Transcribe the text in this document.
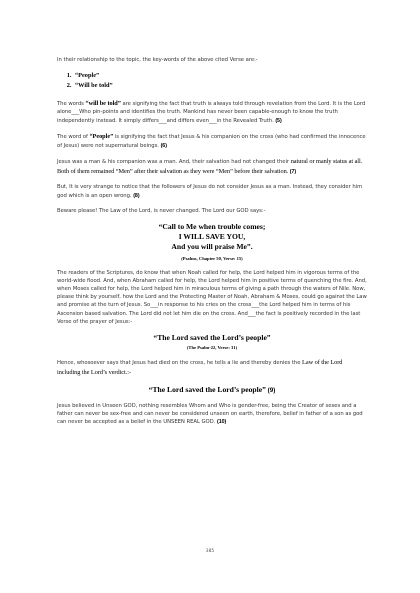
In their relationship to the topic, the key-words of the above cited Verse are:-

1. “People”
2. “Will be told”

The words “will be told” are signifying the fact that truth is always told through revelation from the Lord. It is the Lord alone___Who pin-points and identifies the truth. Mankind has never been capable-enough to know the truth independently instead. It simply differs___and differs even___in the Revealed Truth. (5)

The word of “People” is signifying the fact that Jesus & his companion on the cross (who had confirmed the innocence of Jesus) were not supernatural beings. (6)

Jesus was a man & his companion was a man. And, their salvation had not changed their natural or manly status at all. Both of them remained “Men” after their salvation as they were “Men” before their salvation. (7)

But, It is very strange to notice that the followers of Jesus do not consider Jesus as a man. Instead, they consider him god which is an open wrong. (8)

Beware please! The Law of the Lord, is never changed. The Lord our GOD says:-

“Call to Me when trouble comes;
I WILL SAVE YOU,
And you will praise Me”.
(Psalms, Chapter 50, Verse: 15)

The readers of the Scriptures, do know that when Noah called for help, the Lord helped him in vigorous terms of the world-wide flood. And, when Abraham called for help, the Lord helped him in positive terms of quenching the fire. And, when Moses called for help, the Lord helped him in miraculous terms of giving a path through the waters of Nile. Now, please think by yourself, how the Lord and the Protecting Master of Noah, Abraham & Moses, could go against the Law and promise at the turn of Jesus. So___in response to his cries on the cross___the Lord helped him in terms of his Ascension based salvation. The Lord did not let him die on the cross. And___the fact is positively recorded in the last Verse of the prayer of Jesus:-

“The Lord saved the Lord’s people”
(The Psalm-22, Verse: 31)

Hence, whosoever says that Jesus had died on the cross, he tells a lie and thereby denies the Law of the Lord including the Lord’s verdict.:-

“The Lord saved the Lord’s people” (9)

Jesus believed in Unseen GOD, nothing resembles Whom and Who is gender-free, being the Creator of sexes and a father can never be sex-free and can never be considered unseen on earth, therefore, belief in father of a son as god can never be accepted as a belief in the UNSEEN REAL GOD. (10)

385
